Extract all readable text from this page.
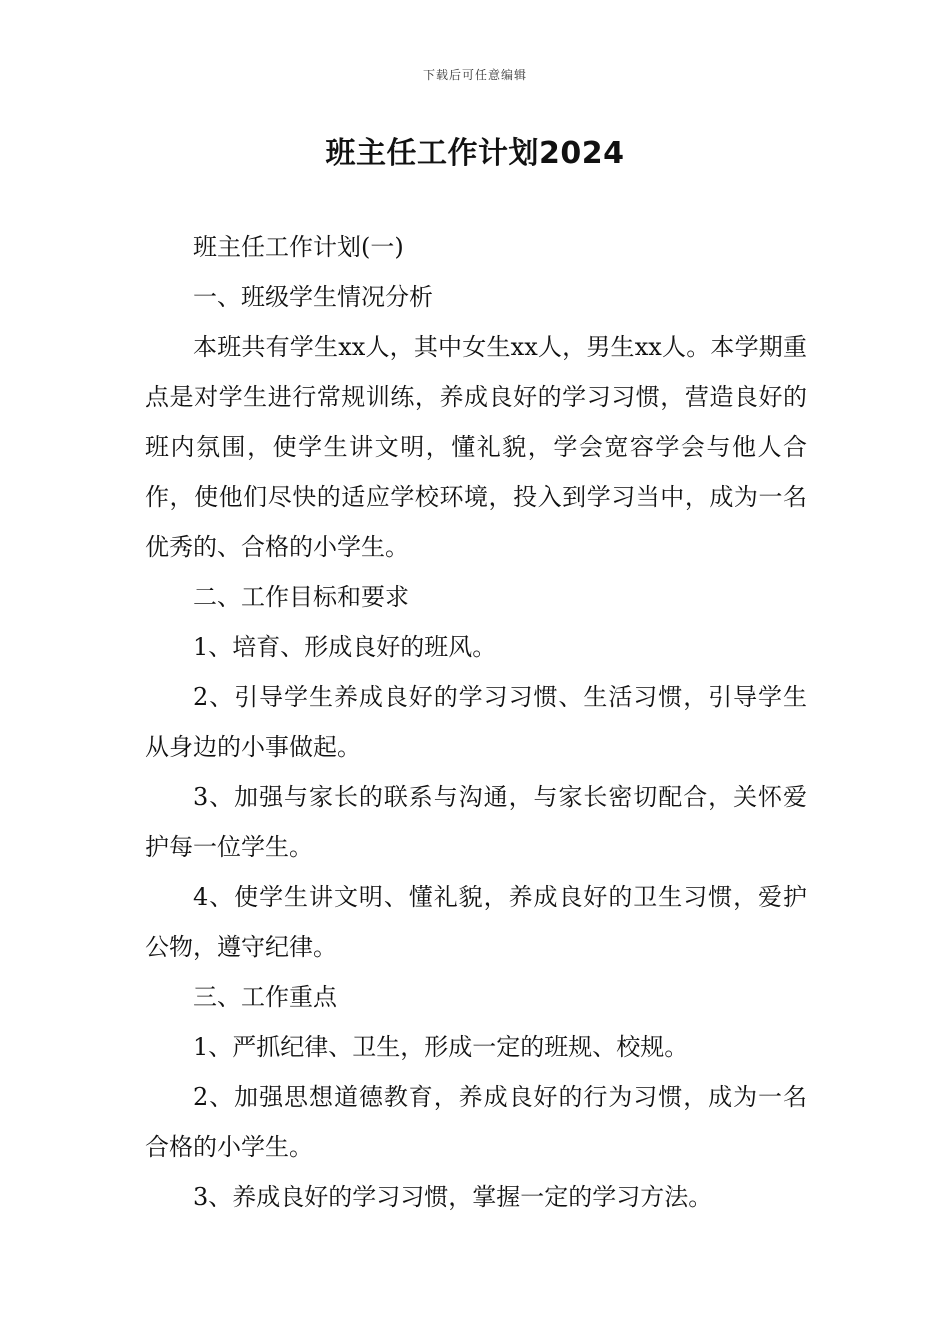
下载后可任意编辑
班主任工作计划2024

班主任工作计划(一)

一、班级学生情况分析

本班共有学生xx人，其中女生xx人，男生xx人。本学期重点是对学生进行常规训练，养成良好的学习习惯，营造良好的班内氛围，使学生讲文明，懂礼貌，学会宽容学会与他人合作，使他们尽快的适应学校环境，投入到学习当中，成为一名优秀的、合格的小学生。

二、工作目标和要求

1、培育、形成良好的班风。

2、引导学生养成良好的学习习惯、生活习惯，引导学生从身边的小事做起。

3、加强与家长的联系与沟通，与家长密切配合，关怀爱护每一位学生。

4、使学生讲文明、懂礼貌，养成良好的卫生习惯，爱护公物，遵守纪律。

三、工作重点

1、严抓纪律、卫生，形成一定的班规、校规。

2、加强思想道德教育，养成良好的行为习惯，成为一名合格的小学生。

3、养成良好的学习习惯，掌握一定的学习方法。
